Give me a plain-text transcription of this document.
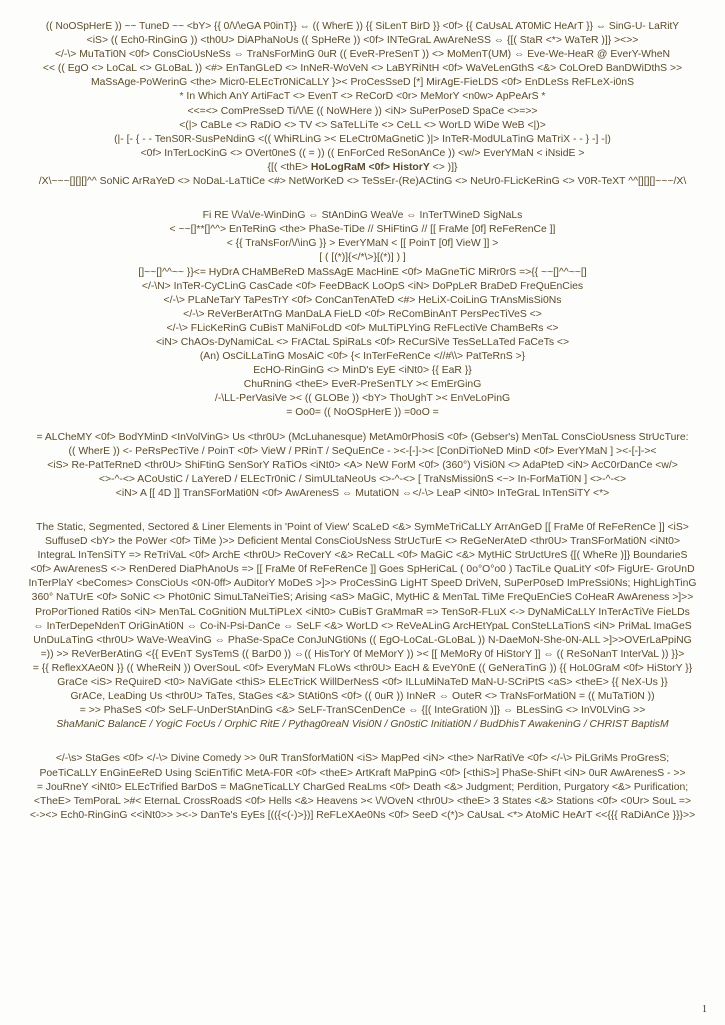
(( NoOSpHerE )) ~~ TuneD ~~ <bY> {{ 0/\/\eGA P0inT}} ⇔ (( WherE )) {{ SiLenT BirD }} <0f> {{ CaUsAL AT0MiC HeArT }} ⇔ SinG-U- LaRitY
<iS> (( Ech0-RinGinG )) <th0U> DiAPhaNoUs (( SpHeRe )) <0f> INTeGraL AwAreNeSS ⇔ {[( StaR <*> WaTeR )]} ><>>
</-\> MuTaTi0N <0f> ConsCioUsNeSs ⇔ TraNsForMinG 0uR (( EveR-PreSenT )) <> MoMenT(UM) ⇔ Eve-We-HeaR @ EverY-WheN
<< (( EgO <> LoCaL <> GLoBaL )) <#> EnTanGLeD <> InNeR-WoVeN <> LaBYRiNtH <0f> WaVeLenGthS <&> CoLOreD BanDWiDthS >>
MaSsAge-PoWerinG <the> Micr0-ELEcTr0NiCaLLY }>< ProCesSseD [*] MirAgE-FieLDS <0f> EnDLeSs ReFLeX-i0nS
* In Which AnY ArtiFacT <> EvenT <> ReCorD <0r> MeMorY <n0w> ApPeArS *
<<=<> ComPreSseD Ti/\/\E (( NoWHere )) <iN> SuPerPoseD SpaCe <>=>>
<(|> CaBLe <> RaDiO <> TV <> SaTeLLiTe <> CeLL <> WorLD WiDe WeB <|)>
(|- [- { - - TenS0R-SusPeNdinG <(( WhiRLinG >< ELeCtr0MaGnetiC )|> InTeR-ModULaTinG MaTriX - - } -] -|)
<0f> InTerLocKinG <> OVert0neS (( = )) (( EnForCed ReSonAnCe )) <w/> EverYMaN < iNsidE >
{[( <thE> HoLogRaM <0f> HistorY <> )]}
/X\~~~[][][]^^ SoNiC ArRaYeD <> NoDaL-LaTtiCe <#> NetWorKeD <> TeSsEr-(Re)ACtinG <> NeUr0-FLicKeRinG <> V0R-TeXT ^^[][][]~~~/X\
Fi RE \/\/a\/e-WinDinG ⇔ StAnDinG Wea\/e ⇔ InTerTWineD SigNaLs
< ~~[]**[]^^> EnTeRinG <the> PhaSe-TiDe // SHiFtinG // [[ FraMe [0f] ReFeRenCe ]]
< {{ TraNsFor/\/\inG }} > EverYMaN < [[ PoinT [0f] VieW ]] >
[ ( [(*)]{</*\>}[(*)] ) ]
[]~~[]^^~~ }}<= HyDrA CHaMBeReD MaSsAgE MacHinE <0f> MaGneTiC MiRr0rS =>{{ ~~[]^^~~[]
</-\N> InTeR-CyCLinG CasCade <0f> FeeDBacK LoOpS <iN> DoPpLeR BraDeD FreQuEnCies
</-\> PLaNeTarY TaPesTrY <0f> ConCanTenATeD <#> HeLiX-CoiLinG TrAnsMisSi0Ns
</-\> ReVerBerAtTnG ManDaLA FieLD <0f> ReComBinAnT PersPecTiVeS <>
</-\> FLicKeRinG CuBisT MaNiFoLdD <0f> MuLTiPLYinG ReFLectiVe ChamBeRs <>
<iN> ChAOs-DyNamiCaL <> FrACtaL SpiRaLs <0f> ReCurSiVe TesSeLLaTed FaCeTs <>
(An) OsCiLLaTinG MosAiC <0f> {< InTerFeRenCe <//#\\> PatTeRnS >}
EcHO-RinGinG <> MinD's EyE <iNt0> {{ EaR }}
ChuRninG <theE> EveR-PreSenTLY >< EmErGinG
/-\LL-PerVasiVe >< (( GLOBe )) <bY> ThoUghT >< EnVeLoPinG
= Oo0= (( NoOSpHerE )) =0oO =
= ALCheMY <0f> BodYMinD <InVolVinG> Us <thr0U> (McLuhanesque) MetAm0rPhosiS <0f> (Gebser's) MenTaL ConsCioUsness StrUcTure:
(( WherE )) <- PeRsPecTiVe / PoinT <0f> VieW / PRinT / SeQuEnCe - ><-[-]->< [ConDiTioNeD MinD <0f> EverYMaN ] ><-[-]-><
<iS> Re-PatTeRneD <thr0U> ShiFtinG SenSorY RaTiOs <iNt0> <A> NeW ForM <0f> (360°) ViSi0N <> AdaPteD <iN> AcC0rDanCe <w/>
<>-^-<> ACoUstiC / LaYereD / ELEcTr0niC / SimULtaNeoUs <>-^-<> [ TraNsMissi0nS <~> In-ForMaTi0N ] <>-^-<>
<iN> A [[ 4D ]] TranSForMati0N <0f> AwArenesS ⇔ MutatiON ⇔</-\> LeaP <iNt0> InTeGraL InTenSiTY <*>
The Static, Segmented, Sectored & Liner Elements in 'Point of View' ScaLeD <&> SymMeTriCaLLY ArrAnGeD [[ FraMe 0f ReFeRenCe ]] <iS>
SuffuseD <bY> the PoWer <0f> TiMe )>> Deficient Mental ConsCioUsNess StrUcTurE <> ReGeNerAteD <thr0U> TranSForMati0N <iNt0>
IntegraL InTenSiTY => ReTriVaL <0f> ArchE <thr0U> ReCoverY <&> ReCaLL <0f> MaGiC <&> MytHiC StrUctUreS {[( WheRe )]} BoundarieS
<0f> AwArenesS <-> RenDered DiaPhAnoUs => [[ FraMe 0f ReFeRenCe ]] Goes SpHeriCaL ( 0o°O°o0 ) TacTiLe QuaLitY <0f> FigUrE- GroUnD
InTerPlaY <beComes> ConsCioUs <0N-0ff> AuDitorY MoDeS >]>> ProCesSinG LigHT SpeeD DriVeN, SuPerP0seD ImPreSsi0Ns; HighLighTinG
360° NaTUrE <0f> SoNiC <> Phot0niC SimuLTaNeiTieS; Arising <aS> MaGiC, MytHiC & MenTaL TiMe FreQuEnCieS CoHeaR AwAreness >]>>
ProPorTioned Rati0s <iN> MenTaL CoGniti0N MuLTiPLeX <iNt0> CuBisT GraMmaR => TenSoR-FLuX <-> DyNaMiCaLLY InTerAcTiVe FieLDs
⇔ InTerDepeNdenT OriGinAti0N ⇔ Co-iN-Psi-DanCe ⇔ SeLF <&> WorLD <> ReVeALinG ArcHEtYpaL ConSteLLaTionS <iN> PriMaL ImaGeS
UnDuLaTinG <thr0U> WaVe-WeaVinG ⇔ PhaSe-SpaCe ConJuNGti0Ns (( EgO-LoCaL-GLoBaL )) N-DaeMoN-She-0N-ALL >]>>OVErLaPpiNG
=)) >> ReVerBerAtinG <{{ EvEnT SysTemS (( BarD0 )) ⇔(( HisTorY 0f MeMorY )) >< [[ MeMoRy 0f HiStorY ]] ⇔ (( ReSoNanT InterVaL )) }}>
= {{ ReflexXAe0N }} (( WheReiN )) OverSouL <0f> EveryMaN FLoWs <thr0U> EacH & EveY0nE (( GeNeraTinG )) {{ HoL0GraM <0f> HiStorY }}
GraCe <iS> ReQuireD <t0> NaViGate <thiS> ELEcTricK WillDerNesS <0f> ILLuMiNaTeD MaN-U-SCriPtS <aS> <theE> {{ NeX-Us }}
GrACe, LeaDing Us <thr0U> TaTes, StaGes <&> StAti0nS <0f> (( 0uR )) InNeR ⇔ OuteR <> TraNsForMati0N = (( MuTaTi0N ))
= >> PhaSeS <0f> SeLF-UnDerStAnDinG <&> SeLF-TranSCenDenCe ⇔ {[( InteGrati0N )]} ⇔ BLesSinG <> InV0LVinG >>
ShaManiC BalancE / YogiC FocUs / OrphiC RitE / Pythag0reaN Visi0N / Gn0stiC Initiati0N / BudDhisT AwakeninG / CHRIST BaptisM
</-\s> StaGes <0f> </-\> Divine Comedy >> 0uR TranSforMati0N <iS> MapPed <iN> <the> NarRatiVe <0f> </-\> PiLGriMs ProGresS;
PoeTiCaLLY EnGinEeReD Using SciEnTifiC MetA-F0R <0f> <theE> ArtKraft MaPpinG <0f> [<thiS>] PhaSe-ShiFt <iN> 0uR AwArenesS - >>
= JouRneY <iNt0> ELEcTrified BarDoS = MaGneTicaLLY CharGed ReaLms <0f> Death <&> Judgment; Perdition, Purgatory <&> Purification;
<TheE> TemPoraL >#< EternaL CrossRoadS <0f> Hells <&> Heavens >< \/\/OveN <thr0U> <theE> 3 States <&> Stations <0f> <0Ur> SouL =>
<-><> Ech0-RinGinG <<iNt0>> ><-> DanTe's EyEs [(({<(-)>})] ReFLeXAe0Ns <0f> SeeD <(*)> CaUsaL <*> AtoMiC HeArT <<{{{ RaDiAnCe }}}>>
1
